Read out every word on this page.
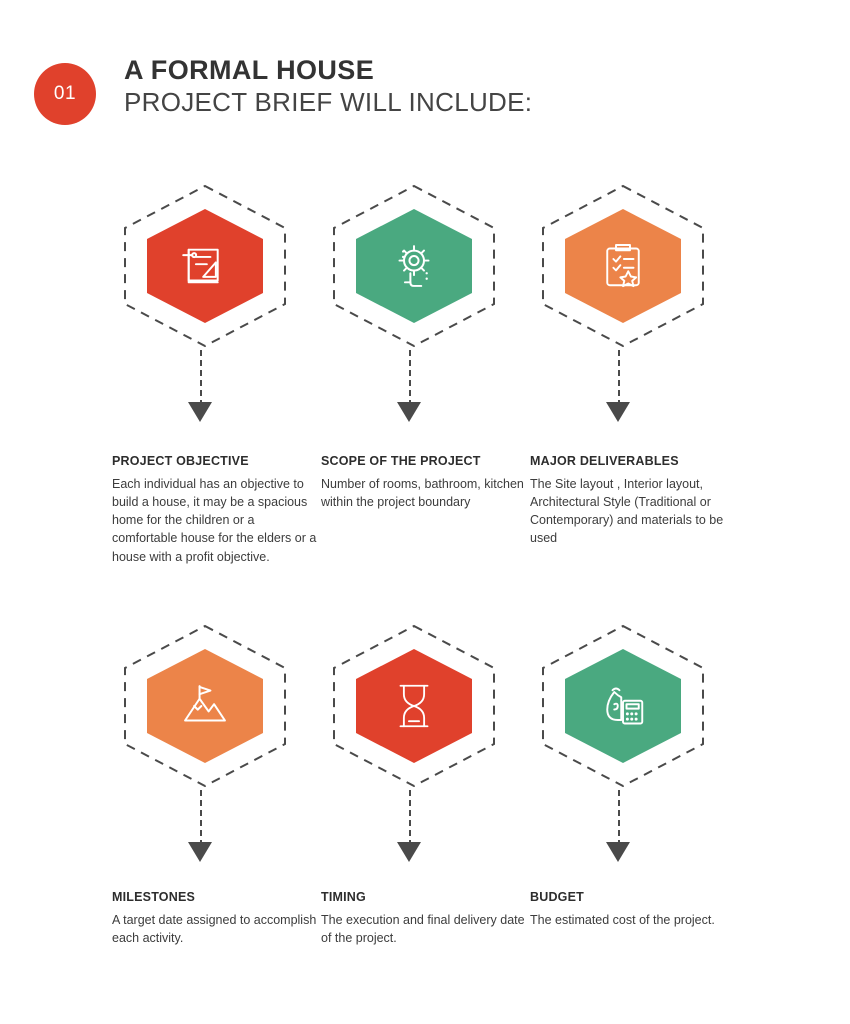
01
A FORMAL HOUSE
PROJECT BRIEF WILL INCLUDE:
PROJECT OBJECTIVE
Each individual has an objective to build a house, it may be a spacious home for the children or a comfortable house for the elders or a house with a profit objective.
SCOPE OF THE PROJECT
Number of rooms, bathroom, kitchen within the project boundary
MAJOR DELIVERABLES
The Site layout , Interior layout, Architectural Style (Traditional or Contemporary) and materials to be used
MILESTONES
A target date assigned to accomplish each activity.
TIMING
The execution and final delivery date of the project.
BUDGET
The estimated cost of the project.
